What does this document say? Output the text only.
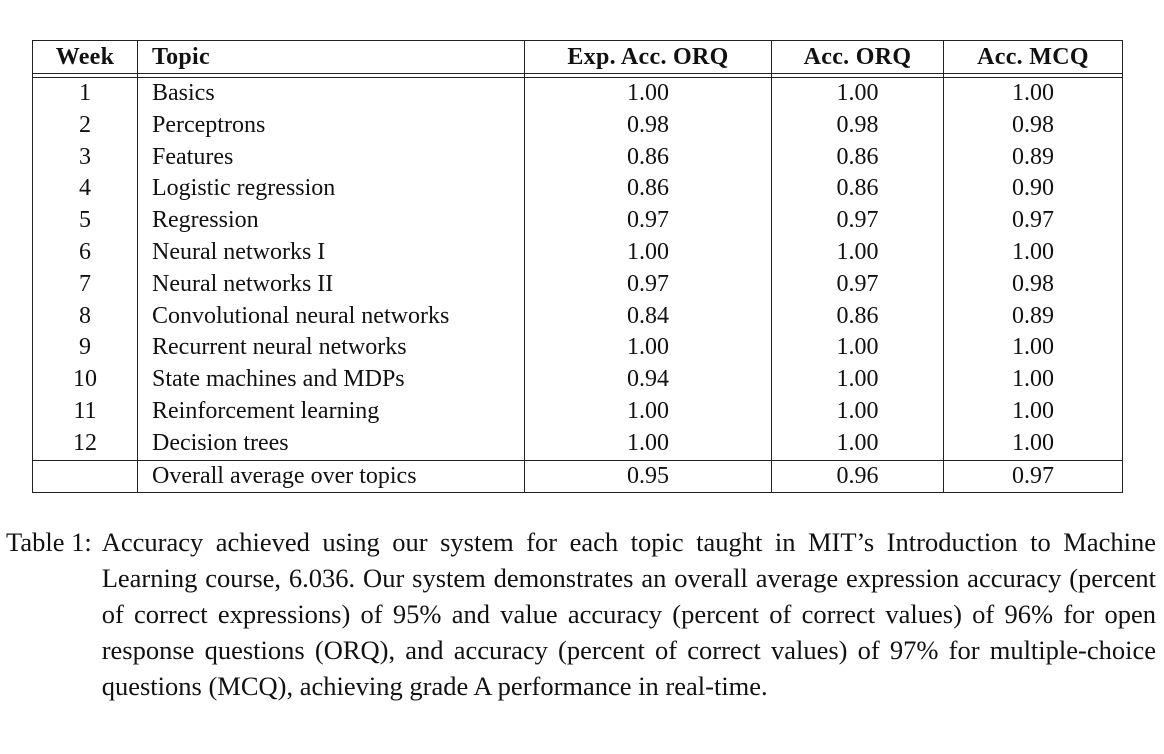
Week	Topic	Exp. Acc. ORQ	Acc. ORQ	Acc. MCQ

1	Basics	1.00	1.00	1.00
2	Perceptrons	0.98	0.98	0.98
3	Features	0.86	0.86	0.89
4	Logistic regression	0.86	0.86	0.90
5	Regression	0.97	0.97	0.97
6	Neural networks I	1.00	1.00	1.00
7	Neural networks II	0.97	0.97	0.98
8	Convolutional neural networks	0.84	0.86	0.89
9	Recurrent neural networks	1.00	1.00	1.00
10	State machines and MDPs	0.94	1.00	1.00
11	Reinforcement learning	1.00	1.00	1.00
12	Decision trees	1.00	1.00	1.00
	Overall average over topics	0.95	0.96	0.97
Table 1: Accuracy achieved using our system for each topic taught in MIT’s Introduction to Machine Learning course, 6.036. Our system demonstrates an overall average expression accuracy (percent of correct expressions) of 95% and value accuracy (percent of correct values) of 96% for open response questions (ORQ), and accuracy (percent of correct values) of 97% for multiple-choice questions (MCQ), achieving grade A performance in real-time.
